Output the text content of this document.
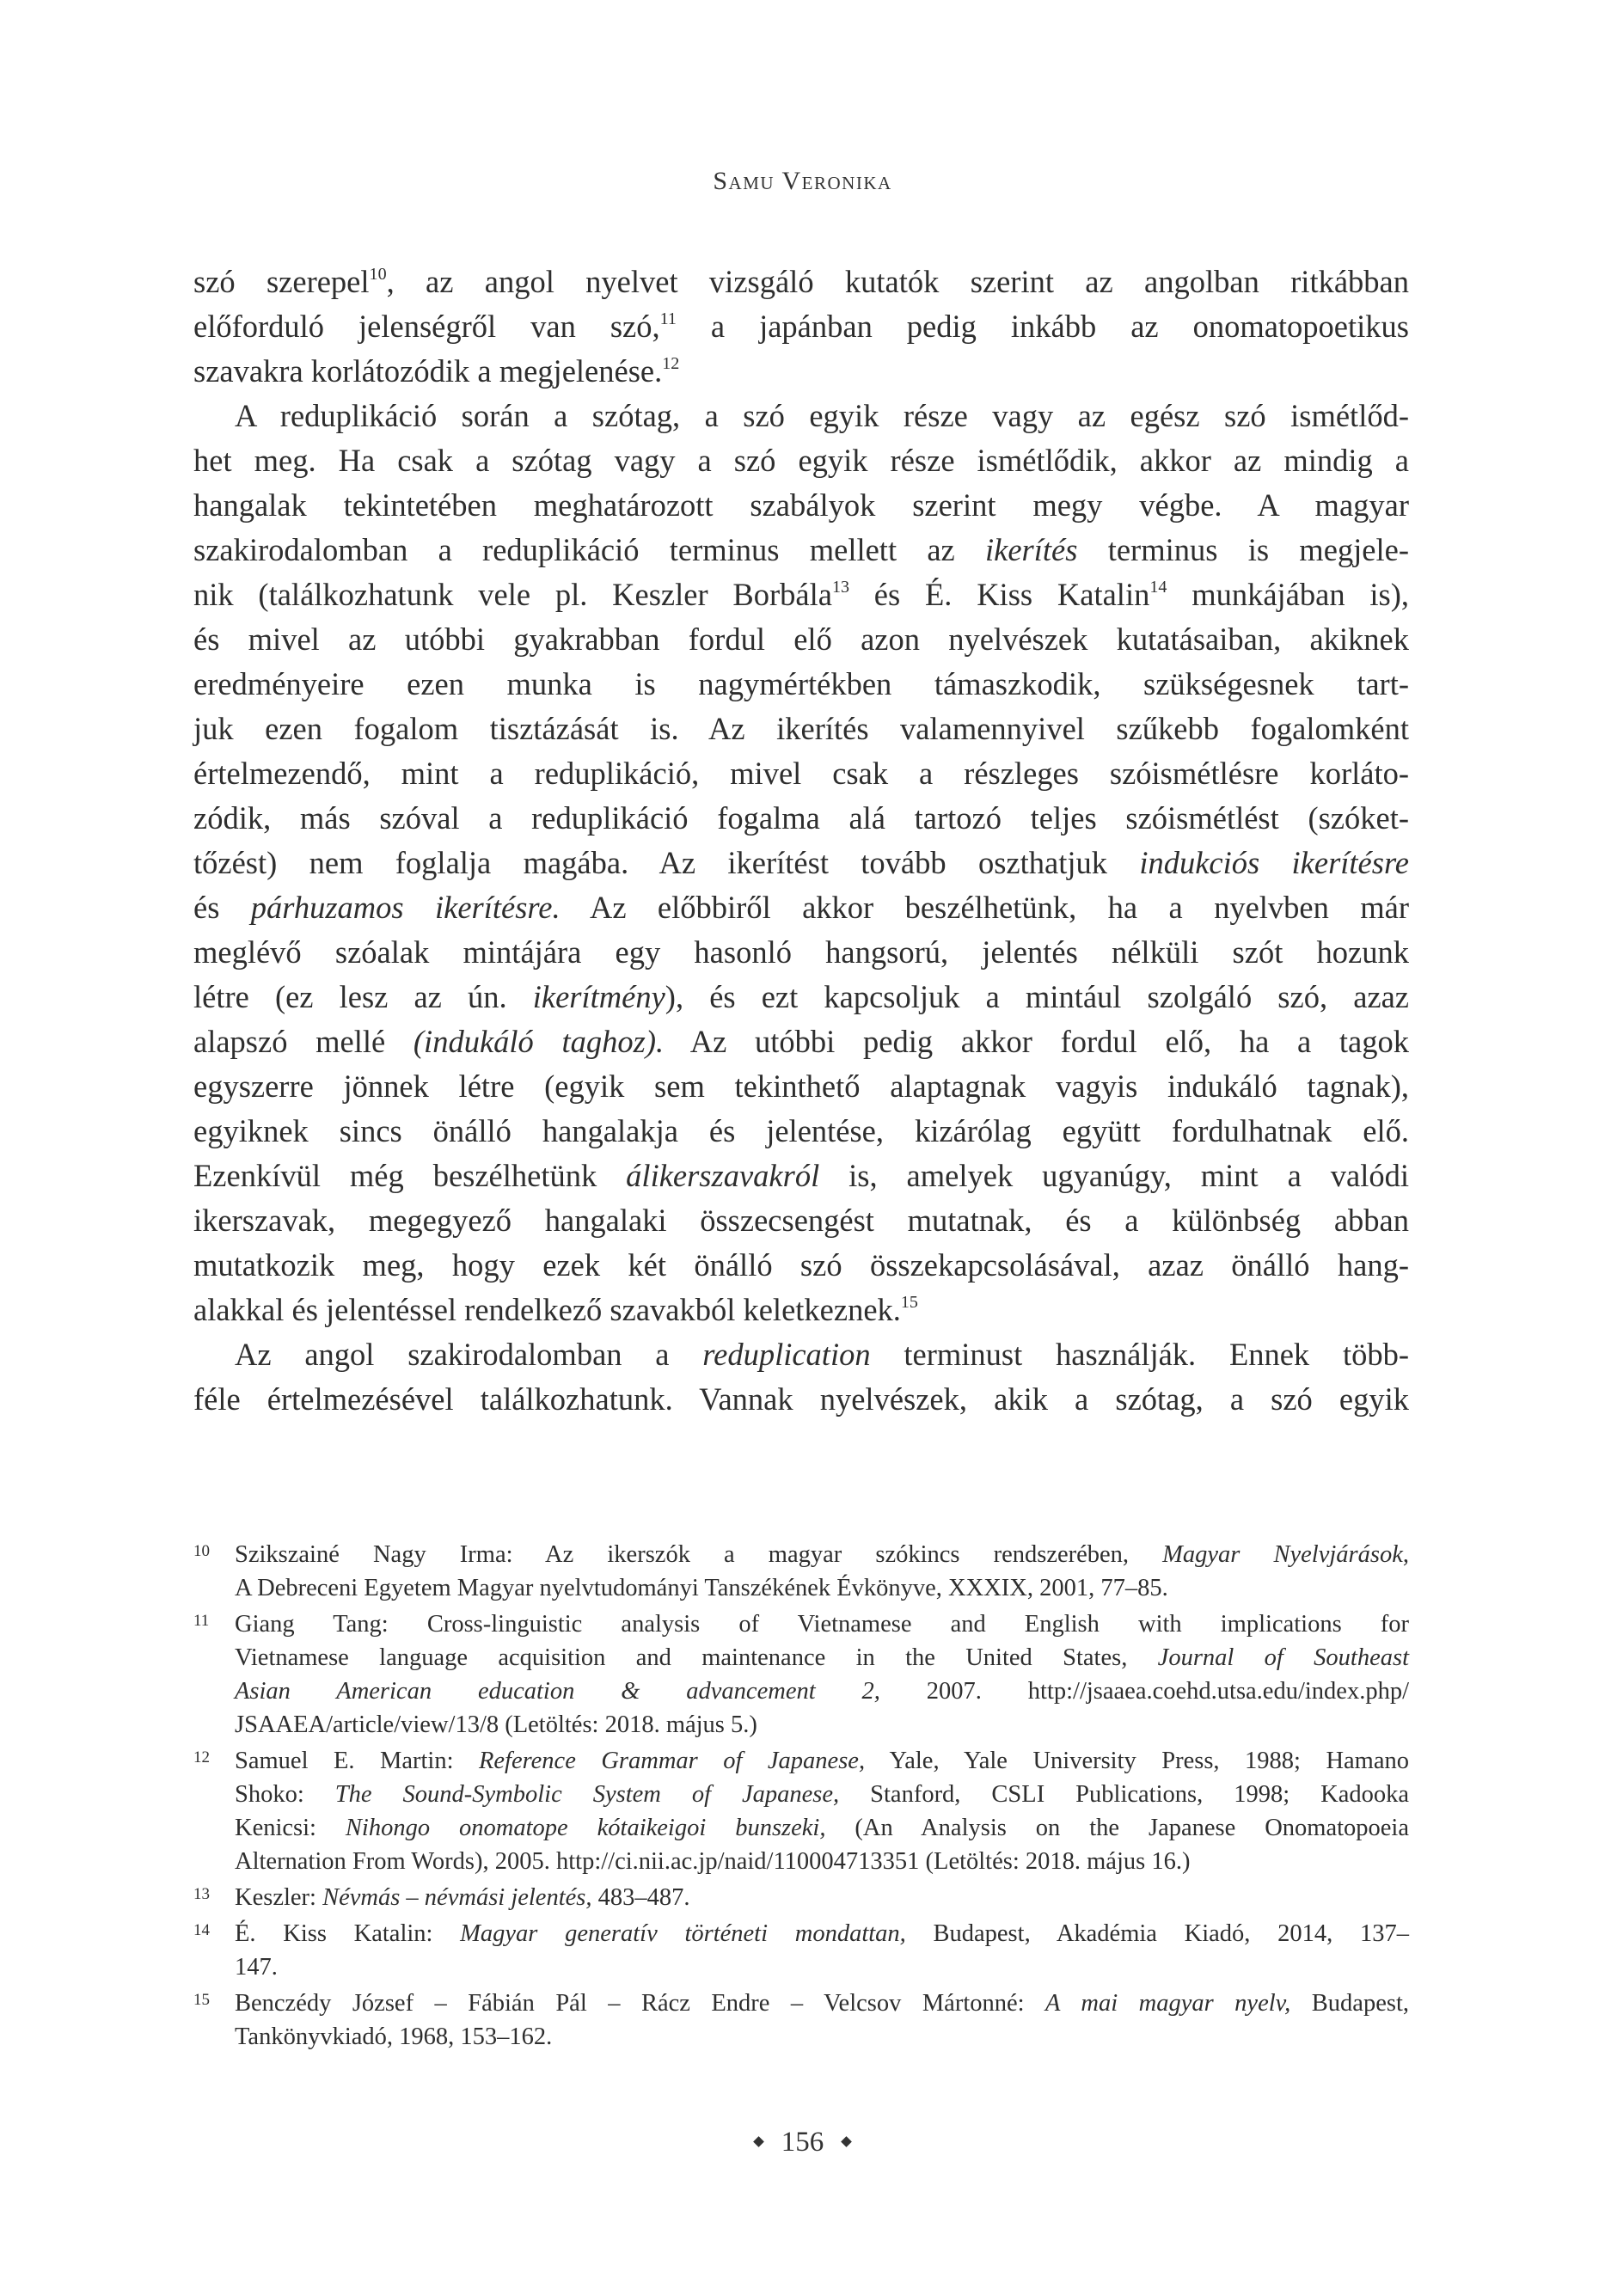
Samu Veronika
szó szerepel$^{10}$, az angol nyelvet vizsgáló kutatók szerint az angolban ritkábban
előforduló jelenségről van szó,$^{11}$ a japánban pedig inkább az onomatopoetikus
szavakra korlátozódik a megjelenése.$^{12}$
A reduplikáció során a szótag, a szó egyik része vagy az egész szó ismétlőd-
het meg. Ha csak a szótag vagy a szó egyik része ismétlődik, akkor az mindig a
hangalak tekintetében meghatározott szabályok szerint megy végbe. A magyar
szakirodalomban a reduplikáció terminus mellett az ikerítés terminus is megjele-
nik (találkozhatunk vele pl. Keszler Borbála$^{13}$ és É. Kiss Katalin$^{14}$ munkájában is),
és mivel az utóbbi gyakrabban fordul elő azon nyelvészek kutatásaiban, akiknek
eredményeire ezen munka is nagymértékben támaszkodik, szükségesnek tart-
juk ezen fogalom tisztázását is. Az ikerítés valamennyivel szűkebb fogalomként
értelmezendő, mint a reduplikáció, mivel csak a részleges szóismétlésre korláto-
zódik, más szóval a reduplikáció fogalma alá tartozó teljes szóismétlést (szóket-
tőzést) nem foglalja magába. Az ikerítést tovább oszthatjuk indukciós ikerítésre
és párhuzamos ikerítésre. Az előbbiről akkor beszélhetünk, ha a nyelvben már
meglévő szóalak mintájára egy hasonló hangsorú, jelentés nélküli szót hozunk
létre (ez lesz az ún. ikerítmény), és ezt kapcsoljuk a mintául szolgáló szó, azaz
alapszó mellé (indukáló taghoz). Az utóbbi pedig akkor fordul elő, ha a tagok
egyszerre jönnek létre (egyik sem tekinthető alaptagnak vagyis indukáló tagnak),
egyiknek sincs önálló hangalakja és jelentése, kizárólag együtt fordulhatnak elő.
Ezenkívül még beszélhetünk álikerszavakról is, amelyek ugyanúgy, mint a valódi
ikerszavak, megegyező hangalaki összecsengést mutatnak, és a különbség abban
mutatkozik meg, hogy ezek két önálló szó összekapcsolásával, azaz önálló hang-
alakkal és jelentéssel rendelkező szavakból keletkeznek.$^{15}$
Az angol szakirodalomban a reduplication terminust használják. Ennek több-
féle értelmezésével találkozhatunk. Vannak nyelvészek, akik a szótag, a szó egyik
10 Szikszainé Nagy Irma: Az ikerszók a magyar szókincs rendszerében, Magyar Nyelvjárások,
A Debreceni Egyetem Magyar nyelvtudományi Tanszékének Évkönyve, XXXIX, 2001, 77–85.
11 Giang Tang: Cross-linguistic analysis of Vietnamese and English with implications for
Vietnamese language acquisition and maintenance in the United States, Journal of Southeast
Asian American education & advancement 2, 2007. http://jsaaea.coehd.utsa.edu/index.php/
JSAAEA/article/view/13/8 (Letöltés: 2018. május 5.)
12 Samuel E. Martin: Reference Grammar of Japanese, Yale, Yale University Press, 1988; Hamano
Shoko: The Sound-Symbolic System of Japanese, Stanford, CSLI Publications, 1998; Kadooka
Kenicsi: Nihongo onomatope kótaikeigoi bunszeki, (An Analysis on the Japanese Onomatopoeia
Alternation From Words), 2005. http://ci.nii.ac.jp/naid/110004713351 (Letöltés: 2018. május 16.)
13 Keszler: Névmás – névmási jelentés, 483–487.
14 É. Kiss Katalin: Magyar generatív történeti mondattan, Budapest, Akadémia Kiadó, 2014, 137–
147.
15 Benczédy József – Fábián Pál – Rácz Endre – Velcsov Mártonné: A mai magyar nyelv, Budapest,
Tankönyvkiadó, 1968, 153–162.
156
